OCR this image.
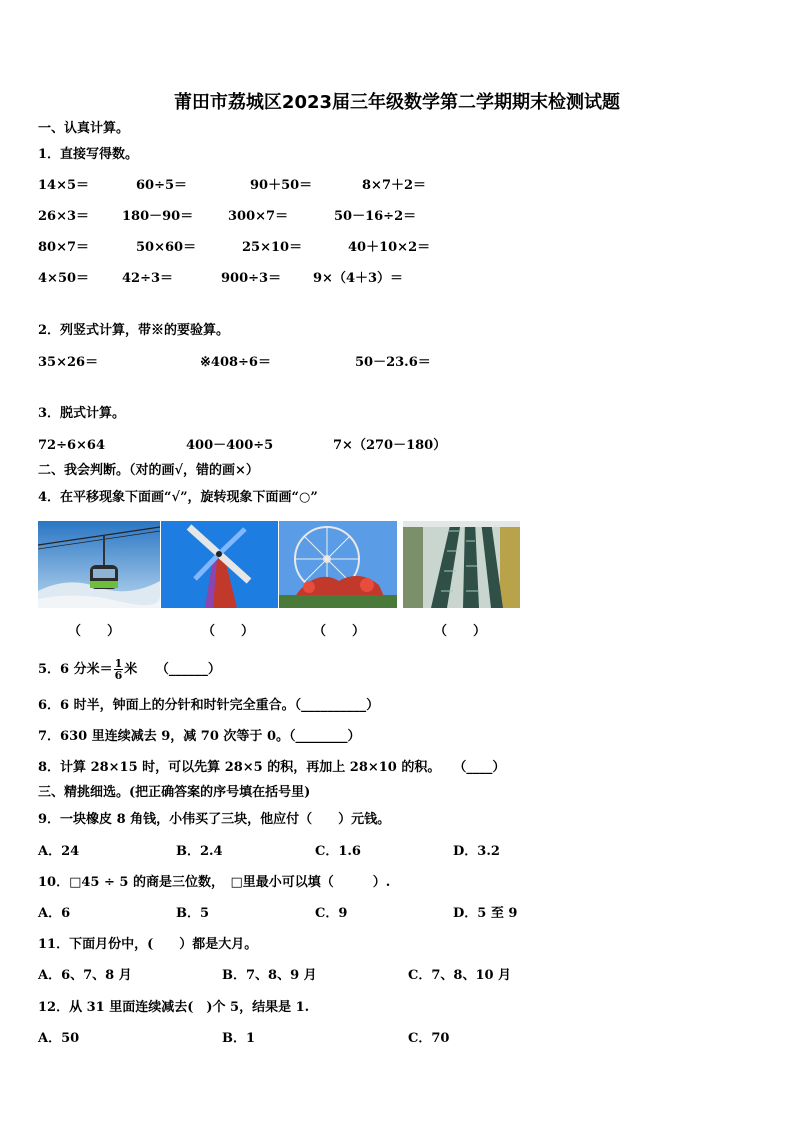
莆田市荔城区2023届三年级数学第二学期期末检测试题
一、认真计算。
1．直接写得数。
14×5＝	60÷5＝	90＋50＝	8×7＋2＝
26×3＝	180－90＝	300×7＝	50－16÷2＝
80×7＝	50×60＝	25×10＝	40＋10×2＝
4×50＝	42÷3＝	900÷3＝ 9×（4＋3）＝
2．列竖式计算，带※的要验算。
35×26＝	※408÷6＝	50－23.6＝
3．脱式计算。
72÷6×64	400－400÷5	7×（270－180）
二、我会判断。（对的画√，错的画×）
4．在平移现象下面画“√”，旋转现象下面画“○”
（　　）	（　　）	（　　）	（　　）
5．6 分米＝ $\frac{1}{6}$ 米 （______）
6．6 时半，钟面上的分针和时针完全重合。（__________）
7．630 里连续减去 9，减 70 次等于 0。（________）
8．计算 28×15 时，可以先算 28×5 的积，再加上 28×10 的积。　　（____）
三、精挑细选。(把正确答案的序号填在括号里)
9．一块橡皮 8 角钱，小伟买了三块，他应付（　　）元钱。
A．24	B．2.4	C．1.6	D．3.2
10．□45 ÷ 5 的商是三位数，　□里最小可以填（　　　）.
A．6	B．5	C．9	D．5 至 9
11．下面月份中，(　　）都是大月。
A．6、7、8 月	B．7、8、9 月	C．7、8、10 月
12．从 31 里面连续减去(　)个 5，结果是 1.
A．50	B．1	C．70
